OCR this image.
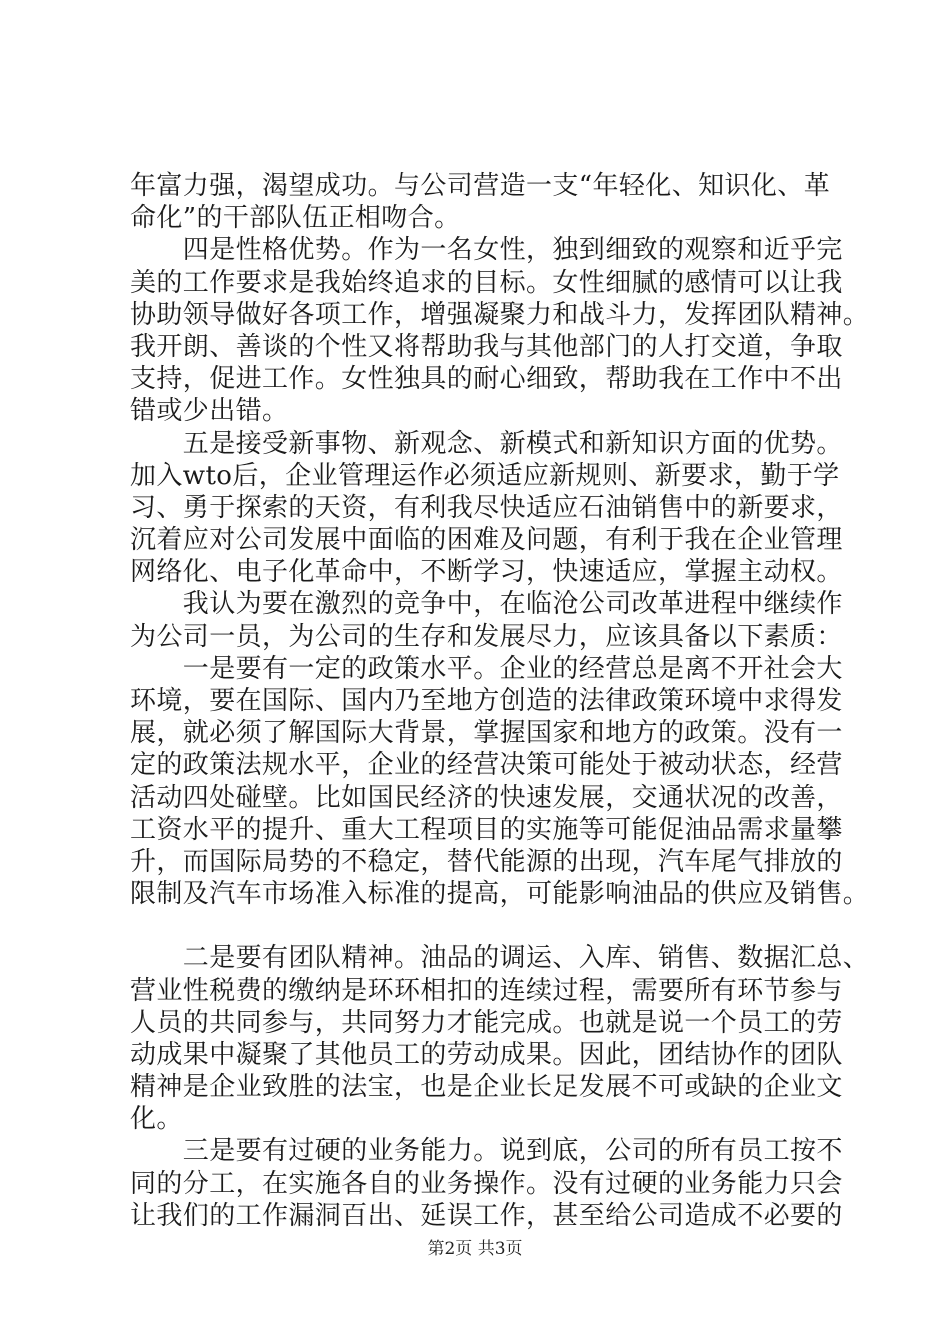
年富力强，渴望成功。与公司营造一支“年轻化、知识化、革
命化”的干部队伍正相吻合。
　　四是性格优势。作为一名女性，独到细致的观察和近乎完
美的工作要求是我始终追求的目标。女性细腻的感情可以让我
协助领导做好各项工作，增强凝聚力和战斗力，发挥团队精神。
我开朗、善谈的个性又将帮助我与其他部门的人打交道，争取
支持，促进工作。女性独具的耐心细致，帮助我在工作中不出
错或少出错。
　　五是接受新事物、新观念、新模式和新知识方面的优势。
加入wto后，企业管理运作必须适应新规则、新要求，勤于学
习、勇于探索的天资，有利我尽快适应石油销售中的新要求，
沉着应对公司发展中面临的困难及问题，有利于我在企业管理
网络化、电子化革命中，不断学习，快速适应，掌握主动权。
　　我认为要在激烈的竞争中，在临沧公司改革进程中继续作
为公司一员，为公司的生存和发展尽力，应该具备以下素质：
　　一是要有一定的政策水平。企业的经营总是离不开社会大
环境，要在国际、国内乃至地方创造的法律政策环境中求得发
展，就必须了解国际大背景，掌握国家和地方的政策。没有一
定的政策法规水平，企业的经营决策可能处于被动状态，经营
活动四处碰壁。比如国民经济的快速发展，交通状况的改善，
工资水平的提升、重大工程项目的实施等可能促油品需求量攀
升，而国际局势的不稳定，替代能源的出现，汽车尾气排放的
限制及汽车市场准入标准的提高，可能影响油品的供应及销售。
　　二是要有团队精神。油品的调运、入库、销售、数据汇总、
营业性税费的缴纳是环环相扣的连续过程，需要所有环节参与
人员的共同参与，共同努力才能完成。也就是说一个员工的劳
动成果中凝聚了其他员工的劳动成果。因此，团结协作的团队
精神是企业致胜的法宝，也是企业长足发展不可或缺的企业文
化。
　　三是要有过硬的业务能力。说到底，公司的所有员工按不
同的分工，在实施各自的业务操作。没有过硬的业务能力只会
让我们的工作漏洞百出、延误工作，甚至给公司造成不必要的
第2页 共3页
